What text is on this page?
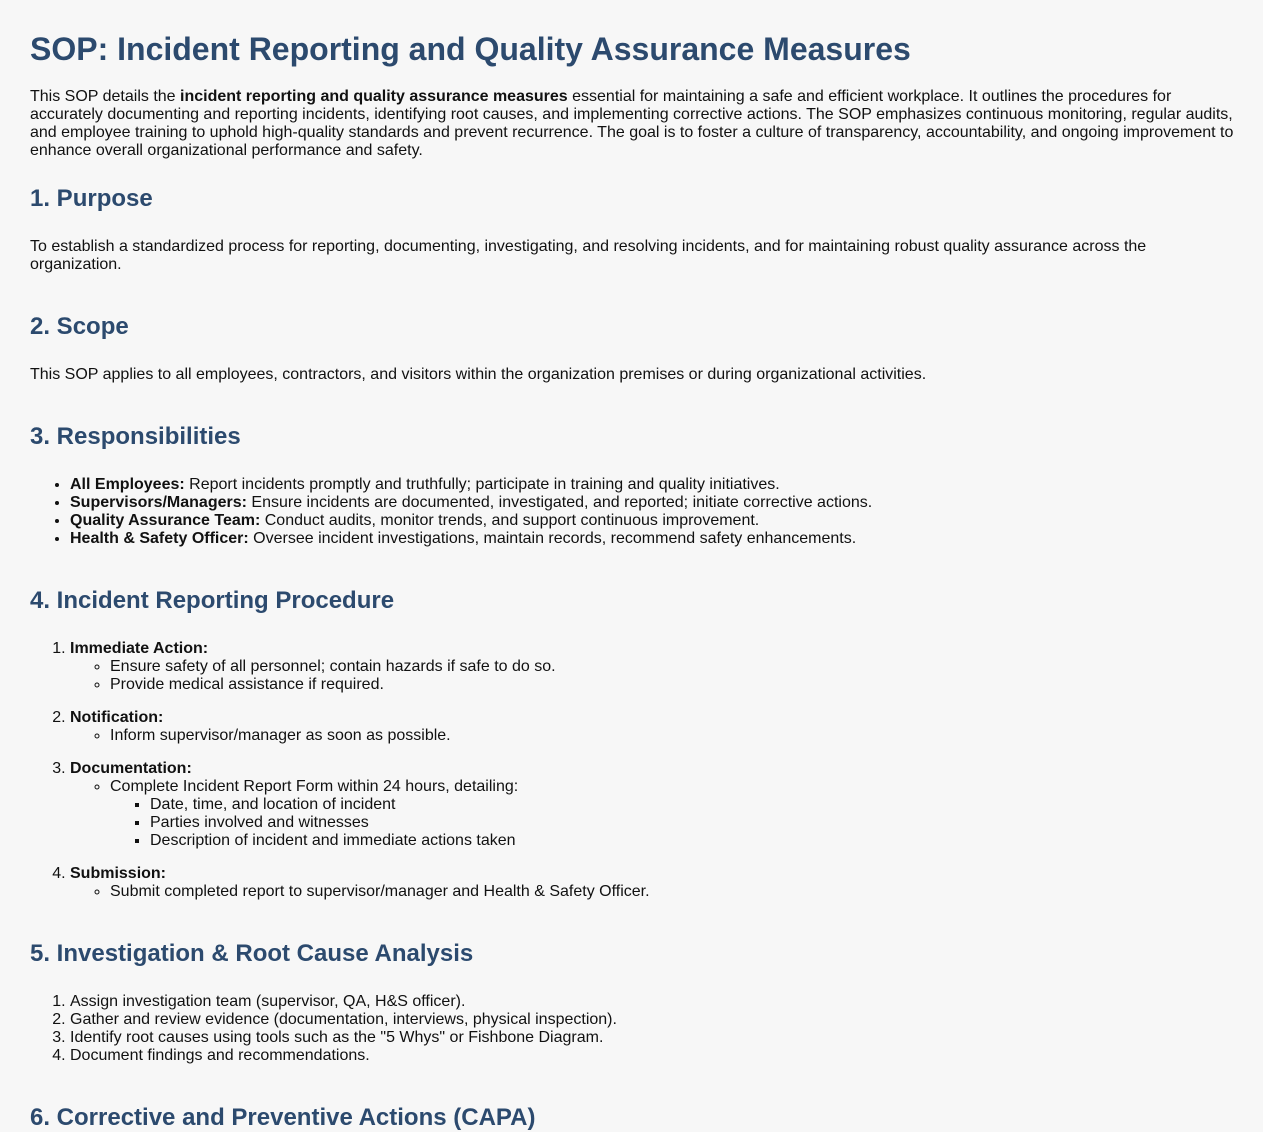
SOP: Incident Reporting and Quality Assurance Measures

This SOP details the incident reporting and quality assurance measures essential for maintaining a safe and efficient workplace. It outlines the procedures for accurately documenting and reporting incidents, identifying root causes, and implementing corrective actions. The SOP emphasizes continuous monitoring, regular audits, and employee training to uphold high-quality standards and prevent recurrence. The goal is to foster a culture of transparency, accountability, and ongoing improvement to enhance overall organizational performance and safety.

1. Purpose

To establish a standardized process for reporting, documenting, investigating, and resolving incidents, and for maintaining robust quality assurance across the organization.

2. Scope

This SOP applies to all employees, contractors, and visitors within the organization premises or during organizational activities.

3. Responsibilities
• All Employees: Report incidents promptly and truthfully; participate in training and quality initiatives.
• Supervisors/Managers: Ensure incidents are documented, investigated, and reported; initiate corrective actions.
• Quality Assurance Team: Conduct audits, monitor trends, and support continuous improvement.
• Health & Safety Officer: Oversee incident investigations, maintain records, recommend safety enhancements.
4. Incident Reporting Procedure
1. Immediate Action:
◦ Ensure safety of all personnel; contain hazards if safe to do so.
◦ Provide medical assistance if required.
2. Notification:
◦ Inform supervisor/manager as soon as possible.
3. Documentation:
◦ Complete Incident Report Form within 24 hours, detailing:
▪ Date, time, and location of incident
▪ Parties involved and witnesses
▪ Description of incident and immediate actions taken
4. Submission:
◦ Submit completed report to supervisor/manager and Health & Safety Officer.
5. Investigation & Root Cause Analysis
1. Assign investigation team (supervisor, QA, H&S officer).
2. Gather and review evidence (documentation, interviews, physical inspection).
3. Identify root causes using tools such as the "5 Whys" or Fishbone Diagram.
4. Document findings and recommendations.
6. Corrective and Preventive Actions (CAPA)
